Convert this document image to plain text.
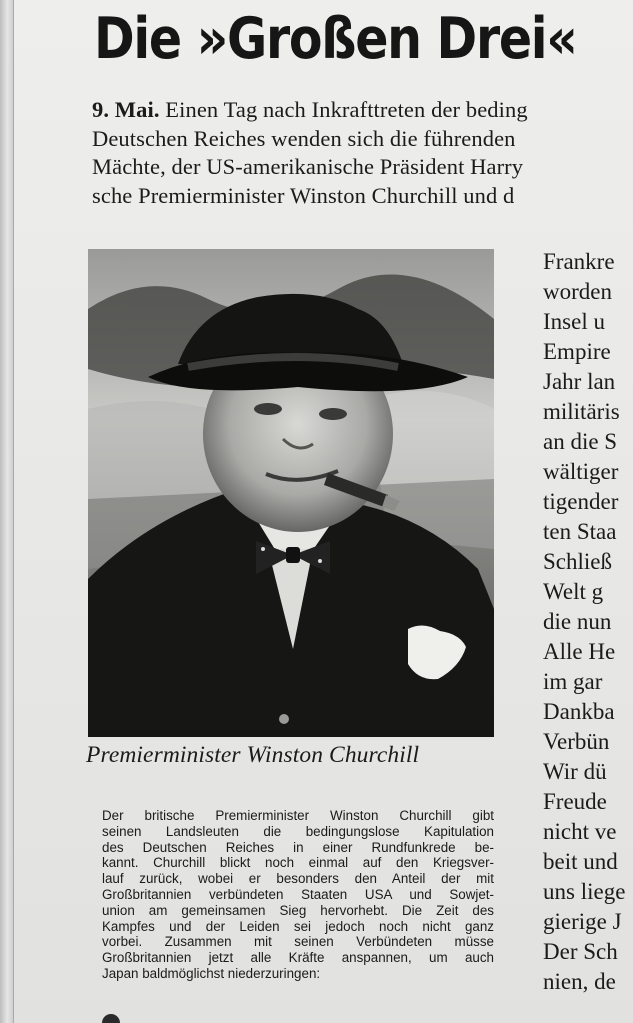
Die »Großen Drei«
9. Mai. Einen Tag nach Inkrafttreten der beding
Deutschen Reiches wenden sich die führenden
Mächte, der US-amerikanische Präsident Harry
sche Premierminister Winston Churchill und d
Premierminister Winston Churchill
Der britische Premierminister Winston Churchill gibt
seinen Landsleuten die bedingungslose Kapitulation
des Deutschen Reiches in einer Rundfunkrede be-
kannt. Churchill blickt noch einmal auf den Kriegsver-
lauf zurück, wobei er besonders den Anteil der mit
Großbritannien verbündeten Staaten USA und Sowjet-
union am gemeinsamen Sieg hervorhebt. Die Zeit des
Kampfes und der Leiden sei jedoch noch nicht ganz
vorbei. Zusammen mit seinen Verbündeten müsse
Großbritannien jetzt alle Kräfte anspannen, um auch
Japan baldmöglichst niederzuringen:
Frankre
worden
Insel u
Empire
Jahr lan
militäris
an die S
wältiger
tigender
ten Staa
Schließ
Welt g
die nun
Alle He
im gar
Dankba
Verbün
Wir dü
Freude
nicht ve
beit und
uns liege
gierige J
Der Sch
nien, de
